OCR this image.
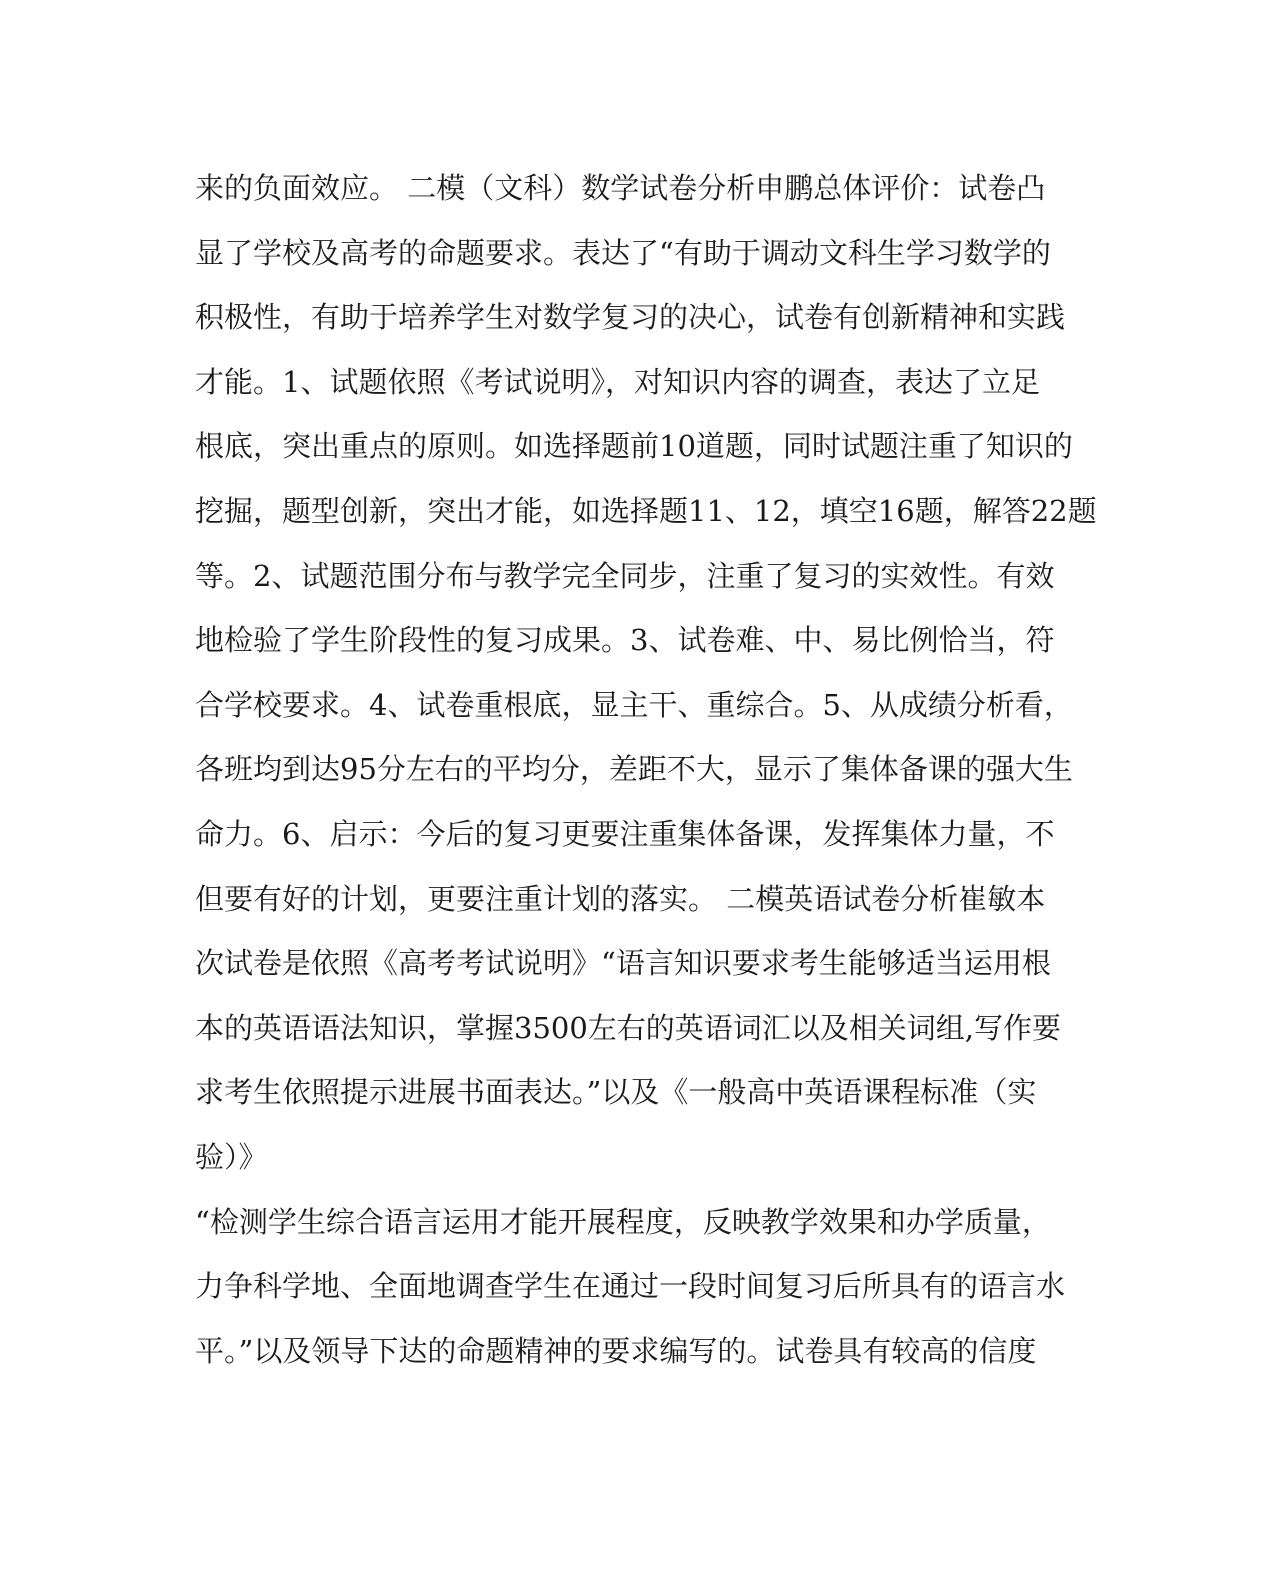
来的负面效应。 二模（文科）数学试卷分析申鹏总体评价：试卷凸
显了学校及高考的命题要求。表达了“有助于调动文科生学习数学的
积极性，有助于培养学生对数学复习的决心，试卷有创新精神和实践
才能。1、试题依照《考试说明》，对知识内容的调查，表达了立足
根底，突出重点的原则。如选择题前10道题，同时试题注重了知识的
挖掘，题型创新，突出才能，如选择题11、12，填空16题，解答22题
等。2、试题范围分布与教学完全同步，注重了复习的实效性。有效
地检验了学生阶段性的复习成果。3、试卷难、中、易比例恰当，符
合学校要求。4、试卷重根底，显主干、重综合。5、从成绩分析看，
各班均到达95分左右的平均分，差距不大，显示了集体备课的强大生
命力。6、启示：今后的复习更要注重集体备课，发挥集体力量，不
但要有好的计划，更要注重计划的落实。 二模英语试卷分析崔敏本
次试卷是依照《高考考试说明》“语言知识要求考生能够适当运用根
本的英语语法知识，掌握3500左右的英语词汇以及相关词组,写作要
求考生依照提示进展书面表达。”以及《一般高中英语课程标准（实
验）》
“检测学生综合语言运用才能开展程度，反映教学效果和办学质量，
力争科学地、全面地调查学生在通过一段时间复习后所具有的语言水
平。”以及领导下达的命题精神的要求编写的。试卷具有较高的信度
